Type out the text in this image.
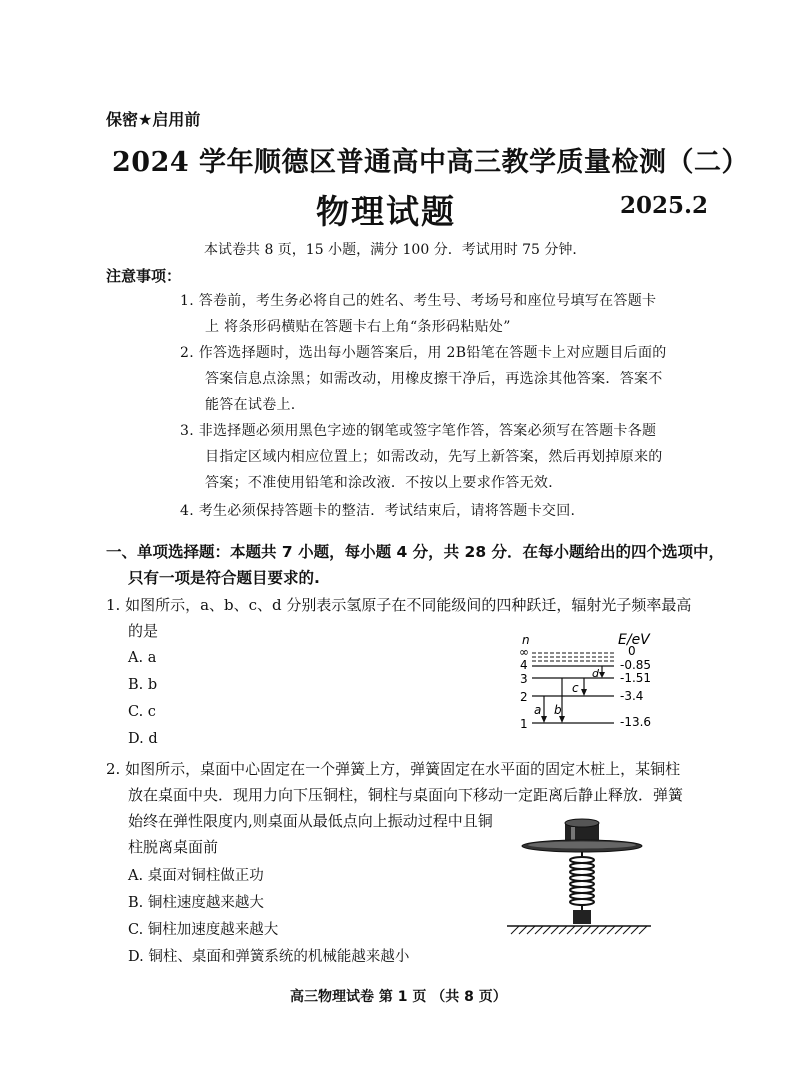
保密★启用前
2024 学年顺德区普通高中高三教学质量检测（二）
物理试题	2025.2
本试卷共 8 页，15 小题，满分 100 分．考试用时 75 分钟．
注意事项：
1. 答卷前，考生务必将自己的姓名、考生号、考场号和座位号填写在答题卡
上 将条形码横贴在答题卡右上角“条形码粘贴处”
2. 作答选择题时，选出每小题答案后，用 2B铅笔在答题卡上对应题目后面的
答案信息点涂黑；如需改动，用橡皮擦干净后，再选涂其他答案．答案不
能答在试卷上.
3. 非选择题必须用黑色字迹的钢笔或签字笔作答，答案必须写在答题卡各题
目指定区域内相应位置上；如需改动，先写上新答案，然后再划掉原来的
答案；不准使用铅笔和涂改液．不按以上要求作答无效．
4. 考生必须保持答题卡的整洁．考试结束后，请将答题卡交回.
一、单项选择题：本题共 7 小题，每小题 4 分，共 28 分．在每小题给出的四个选项中，
只有一项是符合题目要求的.
1. 如图所示，a、b、c、d 分别表示氢原子在不同能级间的四种跃迁，辐射光子频率最高
的是
A. a
B. b
C. c
D. d
n	E/eV
∞	0
4	-0.85
3	-1.51
2	-3.4
1	-13.6
a b
c
d
2. 如图所示，桌面中心固定在一个弹簧上方，弹簧固定在水平面的固定木桩上，某铜柱
放在桌面中央．现用力向下压铜柱，铜柱与桌面向下移动一定距离后静止释放．弹簧
始终在弹性限度内,则桌面从最低点向上振动过程中且铜
柱脱离桌面前
A. 桌面对铜柱做正功
B. 铜柱速度越来越大
C. 铜柱加速度越来越大
D. 铜柱、桌面和弹簧系统的机械能越来越小
高三物理试卷 第 1 页 （共 8 页）
